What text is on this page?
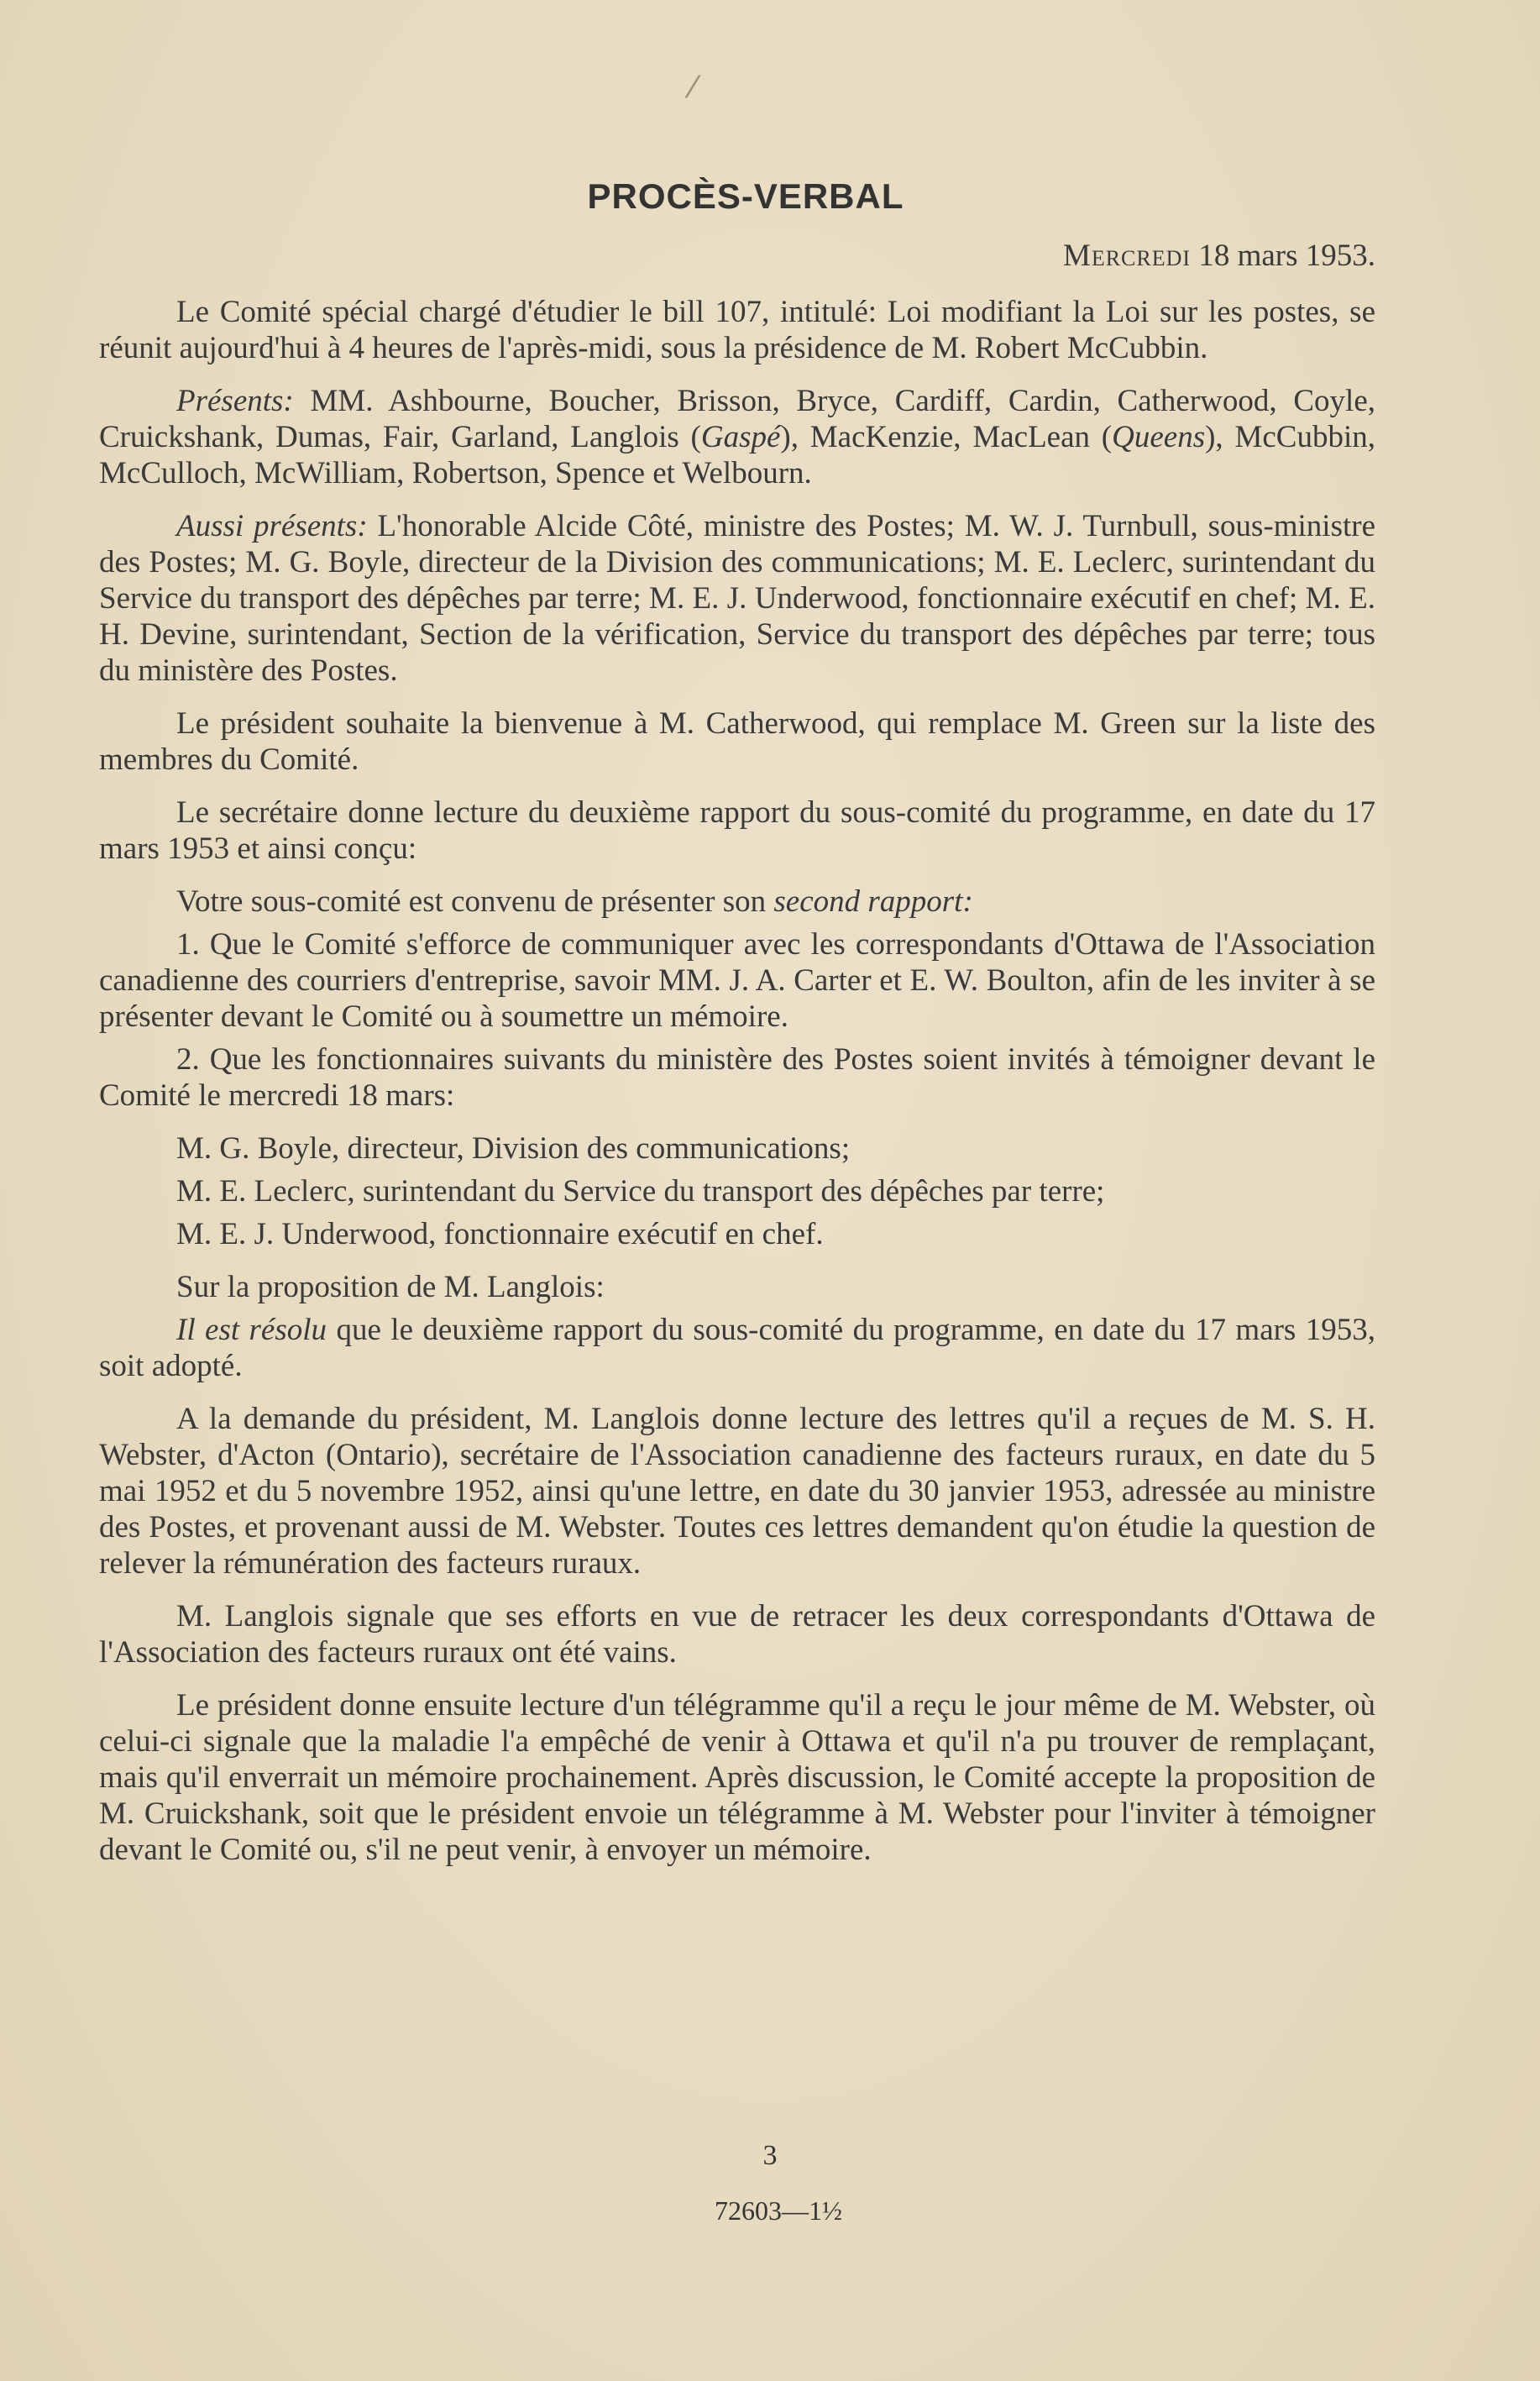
⁄
PROCÈS-VERBAL
Mercredi 18 mars 1953.

Le Comité spécial chargé d'étudier le bill 107, intitulé: Loi modifiant la Loi sur les postes, se réunit aujourd'hui à 4 heures de l'après-midi, sous la présidence de M. Robert McCubbin.

Présents: MM. Ashbourne, Boucher, Brisson, Bryce, Cardiff, Cardin, Catherwood, Coyle, Cruickshank, Dumas, Fair, Garland, Langlois (Gaspé), MacKenzie, MacLean (Queens), McCubbin, McCulloch, McWilliam, Robertson, Spence et Welbourn.

Aussi présents: L'honorable Alcide Côté, ministre des Postes; M. W. J. Turnbull, sous-ministre des Postes; M. G. Boyle, directeur de la Division des communications; M. E. Leclerc, surintendant du Service du transport des dépêches par terre; M. E. J. Underwood, fonctionnaire exécutif en chef; M. E. H. Devine, surintendant, Section de la vérification, Service du transport des dépêches par terre; tous du ministère des Postes.

Le président souhaite la bienvenue à M. Catherwood, qui remplace M. Green sur la liste des membres du Comité.

Le secrétaire donne lecture du deuxième rapport du sous-comité du programme, en date du 17 mars 1953 et ainsi conçu:

Votre sous-comité est convenu de présenter son second rapport:

1. Que le Comité s'efforce de communiquer avec les correspondants d'Ottawa de l'Association canadienne des courriers d'entreprise, savoir MM. J. A. Carter et E. W. Boulton, afin de les inviter à se présenter devant le Comité ou à soumettre un mémoire.

2. Que les fonctionnaires suivants du ministère des Postes soient invités à témoigner devant le Comité le mercredi 18 mars:

M. G. Boyle, directeur, Division des communications;

M. E. Leclerc, surintendant du Service du transport des dépêches par terre;

M. E. J. Underwood, fonctionnaire exécutif en chef.

Sur la proposition de M. Langlois:

Il est résolu que le deuxième rapport du sous-comité du programme, en date du 17 mars 1953, soit adopté.

A la demande du président, M. Langlois donne lecture des lettres qu'il a reçues de M. S. H. Webster, d'Acton (Ontario), secrétaire de l'Association canadienne des facteurs ruraux, en date du 5 mai 1952 et du 5 novembre 1952, ainsi qu'une lettre, en date du 30 janvier 1953, adressée au ministre des Postes, et provenant aussi de M. Webster. Toutes ces lettres demandent qu'on étudie la question de relever la rémunération des facteurs ruraux.

M. Langlois signale que ses efforts en vue de retracer les deux correspondants d'Ottawa de l'Association des facteurs ruraux ont été vains.

Le président donne ensuite lecture d'un télégramme qu'il a reçu le jour même de M. Webster, où celui-ci signale que la maladie l'a empêché de venir à Ottawa et qu'il n'a pu trouver de remplaçant, mais qu'il enverrait un mémoire prochainement. Après discussion, le Comité accepte la proposition de M. Cruickshank, soit que le président envoie un télégramme à M. Webster pour l'inviter à témoigner devant le Comité ou, s'il ne peut venir, à envoyer un mémoire.

3
72603—1½
